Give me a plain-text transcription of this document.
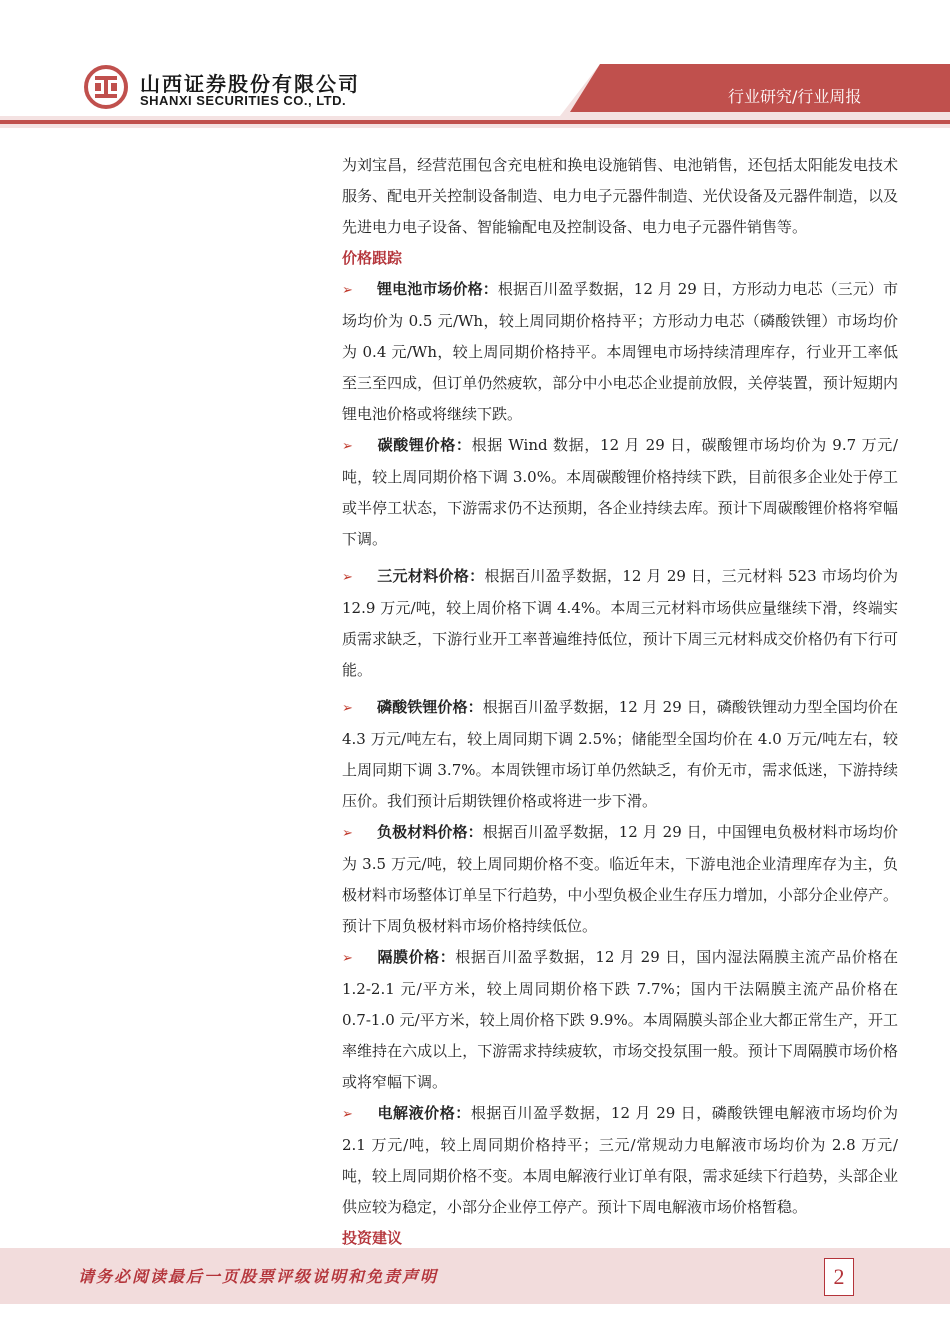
山西证券股份有限公司
SHANXI SECURITIES CO., LTD.	行业研究/行业周报

为刘宝昌，经营范围包含充电桩和换电设施销售、电池销售，还包括太阳能发电技术服务、配电开关控制设备制造、电力电子元器件制造、光伏设备及元器件制造，以及先进电力电子设备、智能输配电及控制设备、电力电子元器件销售等。

价格跟踪

➢ 锂电池市场价格：根据百川盈孚数据，12 月 29 日，方形动力电芯（三元）市场均价为 0.5 元/Wh，较上周同期价格持平；方形动力电芯（磷酸铁锂）市场均价为 0.4 元/Wh，较上周同期价格持平。本周锂电市场持续清理库存，行业开工率低至三至四成，但订单仍然疲软，部分中小电芯企业提前放假，关停装置，预计短期内锂电池价格或将继续下跌。

➢ 碳酸锂价格：根据 Wind 数据，12 月 29 日，碳酸锂市场均价为 9.7 万元/吨，较上周同期价格下调 3.0%。本周碳酸锂价格持续下跌，目前很多企业处于停工或半停工状态，下游需求仍不达预期，各企业持续去库。预计下周碳酸锂价格将窄幅下调。

➢ 三元材料价格：根据百川盈孚数据，12 月 29 日，三元材料 523 市场均价为 12.9 万元/吨，较上周价格下调 4.4%。本周三元材料市场供应量继续下滑，终端实质需求缺乏，下游行业开工率普遍维持低位，预计下周三元材料成交价格仍有下行可能。

➢ 磷酸铁锂价格：根据百川盈孚数据，12 月 29 日，磷酸铁锂动力型全国均价在 4.3 万元/吨左右，较上周同期下调 2.5%；储能型全国均价在 4.0 万元/吨左右，较上周同期下调 3.7%。本周铁锂市场订单仍然缺乏，有价无市，需求低迷，下游持续压价。我们预计后期铁锂价格或将进一步下滑。

➢ 负极材料价格：根据百川盈孚数据，12 月 29 日，中国锂电负极材料市场均价为 3.5 万元/吨，较上周同期价格不变。临近年末，下游电池企业清理库存为主，负极材料市场整体订单呈下行趋势，中小型负极企业生存压力增加，小部分企业停产。预计下周负极材料市场价格持续低位。

➢ 隔膜价格：根据百川盈孚数据，12 月 29 日，国内湿法隔膜主流产品价格在 1.2-2.1 元/平方米，较上周同期价格下跌 7.7%；国内干法隔膜主流产品价格在 0.7-1.0 元/平方米，较上周价格下跌 9.9%。本周隔膜头部企业大都正常生产，开工率维持在六成以上，下游需求持续疲软，市场交投氛围一般。预计下周隔膜市场价格或将窄幅下调。

➢ 电解液价格：根据百川盈孚数据，12 月 29 日，磷酸铁锂电解液市场均价为 2.1 万元/吨，较上周同期价格持平；三元/常规动力电解液市场均价为 2.8 万元/吨，较上周同期价格不变。本周电解液行业订单有限，需求延续下行趋势，头部企业供应较为稳定，小部分企业停工停产。预计下周电解液市场价格暂稳。

投资建议

请务必阅读最后一页股票评级说明和免责声明	2
